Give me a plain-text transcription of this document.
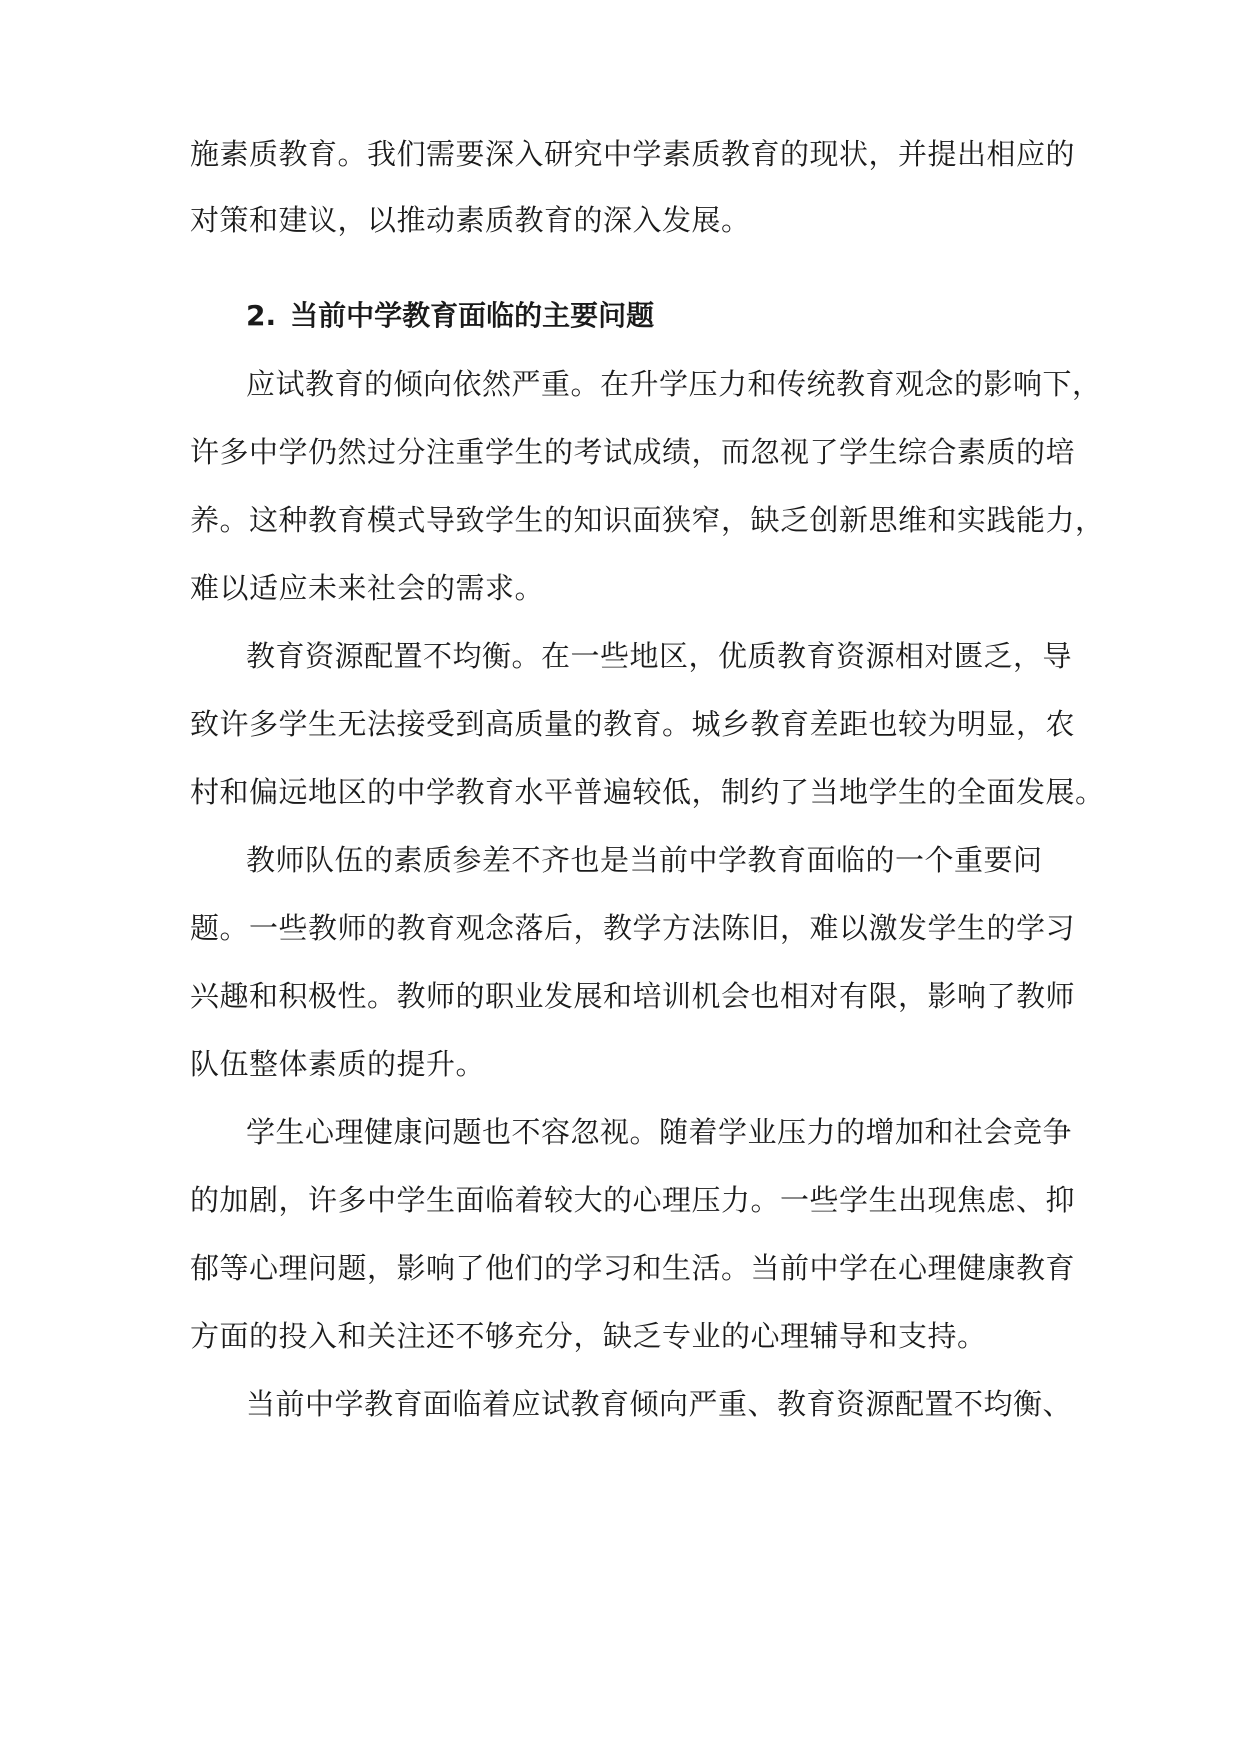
施素质教育。我们需要深入研究中学素质教育的现状，并提出相应的
对策和建议，以推动素质教育的深入发展。
2. 当前中学教育面临的主要问题
应试教育的倾向依然严重。在升学压力和传统教育观念的影响下，
许多中学仍然过分注重学生的考试成绩，而忽视了学生综合素质的培
养。这种教育模式导致学生的知识面狭窄，缺乏创新思维和实践能力，
难以适应未来社会的需求。
教育资源配置不均衡。在一些地区，优质教育资源相对匮乏，导
致许多学生无法接受到高质量的教育。城乡教育差距也较为明显，农
村和偏远地区的中学教育水平普遍较低，制约了当地学生的全面发展。
教师队伍的素质参差不齐也是当前中学教育面临的一个重要问
题。一些教师的教育观念落后，教学方法陈旧，难以激发学生的学习
兴趣和积极性。教师的职业发展和培训机会也相对有限，影响了教师
队伍整体素质的提升。
学生心理健康问题也不容忽视。随着学业压力的增加和社会竞争
的加剧，许多中学生面临着较大的心理压力。一些学生出现焦虑、抑
郁等心理问题，影响了他们的学习和生活。当前中学在心理健康教育
方面的投入和关注还不够充分，缺乏专业的心理辅导和支持。
当前中学教育面临着应试教育倾向严重、教育资源配置不均衡、
